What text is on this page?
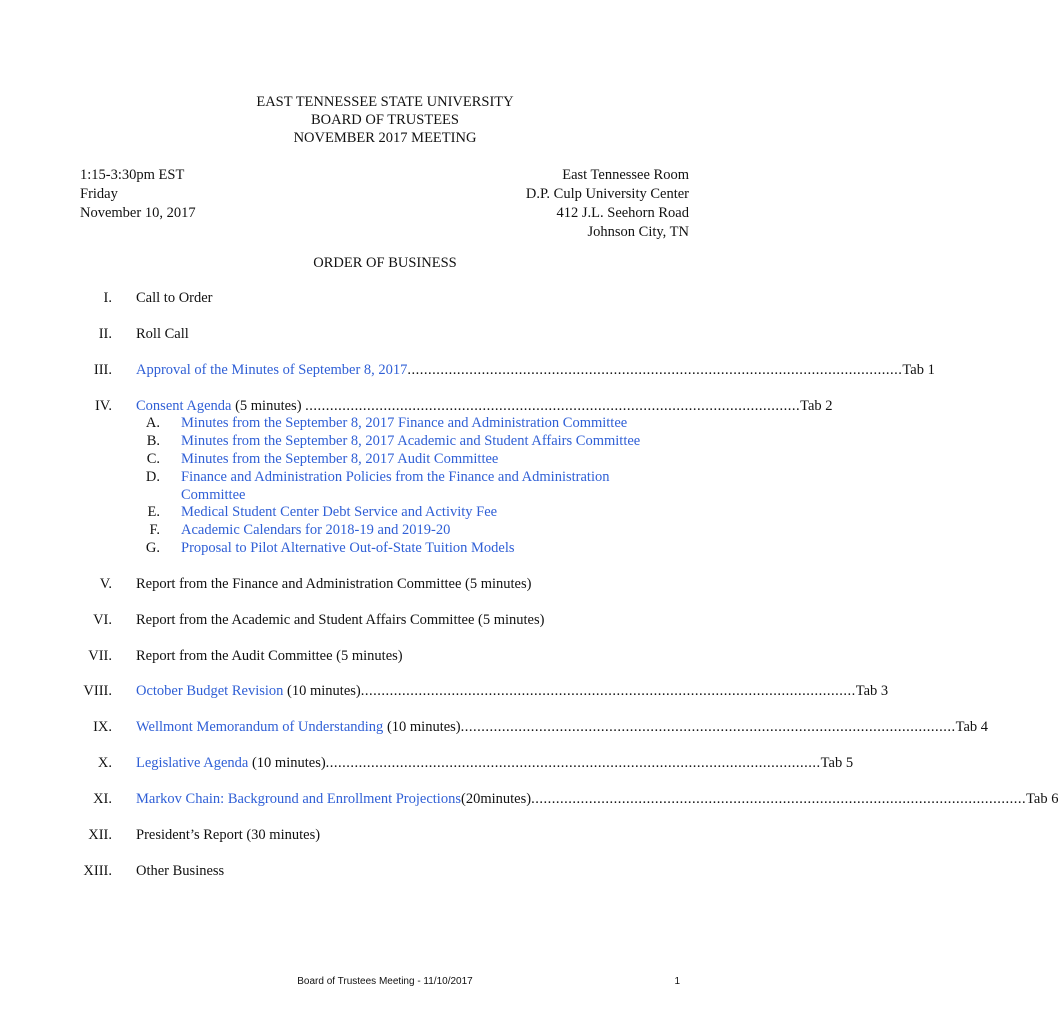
EAST TENNESSEE STATE UNIVERSITY
BOARD OF TRUSTEES
NOVEMBER 2017 MEETING
1:15-3:30pm EST
Friday
November 10, 2017
East Tennessee Room
D.P. Culp University Center
412 J.L. Seehorn Road
Johnson City, TN
ORDER OF BUSINESS
I. Call to Order
II. Roll Call
III. Approval of the Minutes of September 8, 2017 ........................................................................................................................ Tab 1
IV. Consent Agenda (5 minutes) ........................................................................................................................ Tab 2
A. Minutes from the September 8, 2017 Finance and Administration Committee
B. Minutes from the September 8, 2017 Academic and Student Affairs Committee
C. Minutes from the September 8, 2017 Audit Committee
D. Finance and Administration Policies from the Finance and Administration Committee
E. Medical Student Center Debt Service and Activity Fee
F. Academic Calendars for 2018-19 and 2019-20
G. Proposal to Pilot Alternative Out-of-State Tuition Models
V. Report from the Finance and Administration Committee (5 minutes)
VI. Report from the Academic and Student Affairs Committee (5 minutes)
VII. Report from the Audit Committee (5 minutes)
VIII. October Budget Revision (10 minutes) ........................................................................................................................ Tab 3
IX. Wellmont Memorandum of Understanding (10 minutes) ........................................................................................................................ Tab 4
X. Legislative Agenda (10 minutes) ........................................................................................................................ Tab 5
XI. Markov Chain: Background and Enrollment Projections (20minutes) ........................................................................................................................ Tab 6
XII. President’s Report (30 minutes)
XIII. Other Business
Board of Trustees Meeting - 11/10/2017	1
